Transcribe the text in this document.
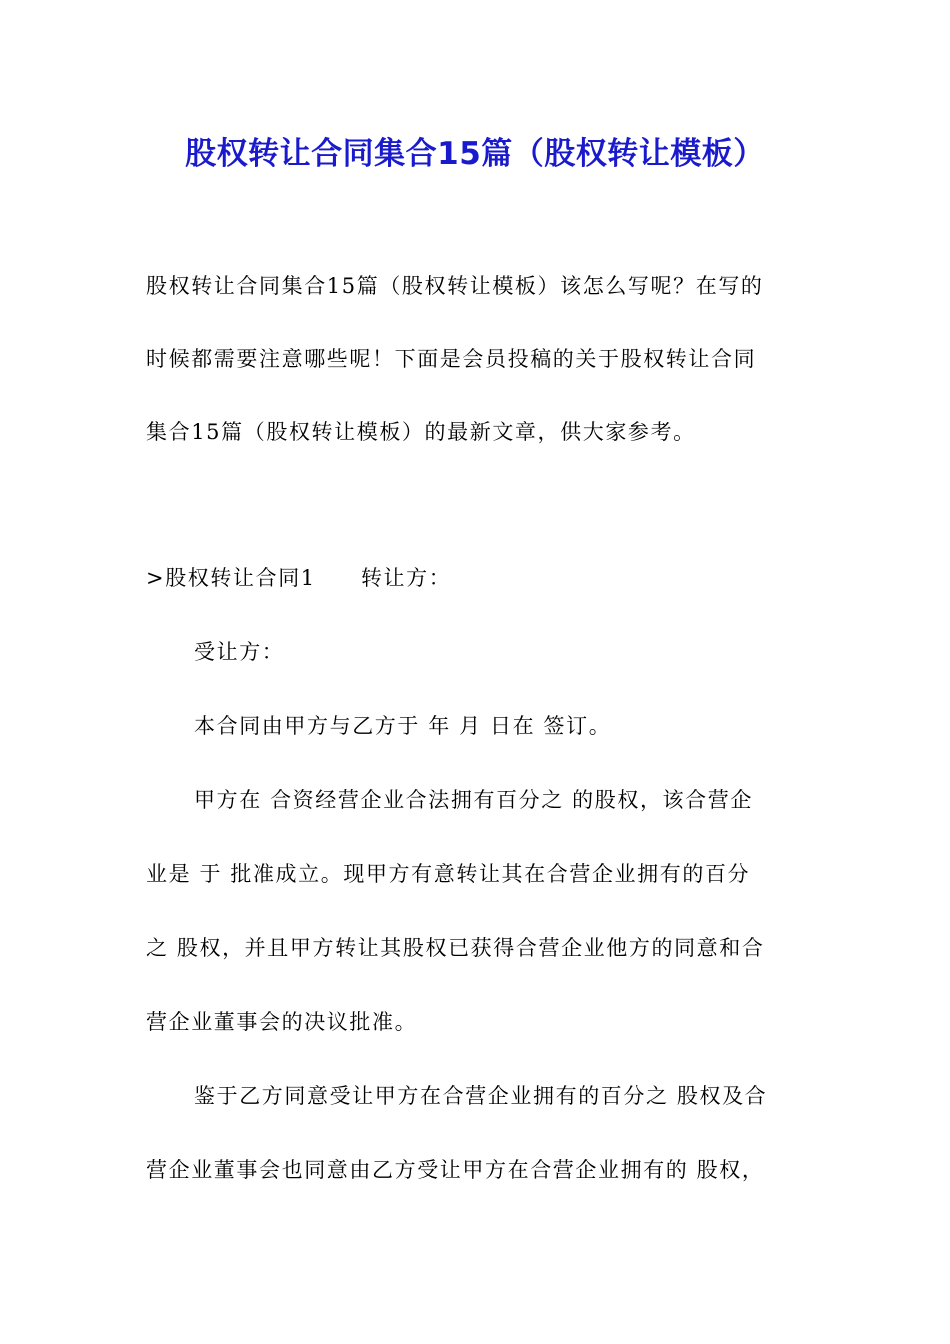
股权转让合同集合15篇（股权转让模板）
股权转让合同集合15篇（股权转让模板）该怎么写呢？在写的
时候都需要注意哪些呢！下面是会员投稿的关于股权转让合同
集合15篇（股权转让模板）的最新文章，供大家参考。
>股权转让合同1　　转让方：
受让方：
本合同由甲方与乙方于 年 月 日在 签订。
甲方在 合资经营企业合法拥有百分之 的股权，该合营企
业是 于 批准成立。现甲方有意转让其在合营企业拥有的百分
之 股权，并且甲方转让其股权已获得合营企业他方的同意和合
营企业董事会的决议批准。
鉴于乙方同意受让甲方在合营企业拥有的百分之 股权及合
营企业董事会也同意由乙方受让甲方在合营企业拥有的 股权，
